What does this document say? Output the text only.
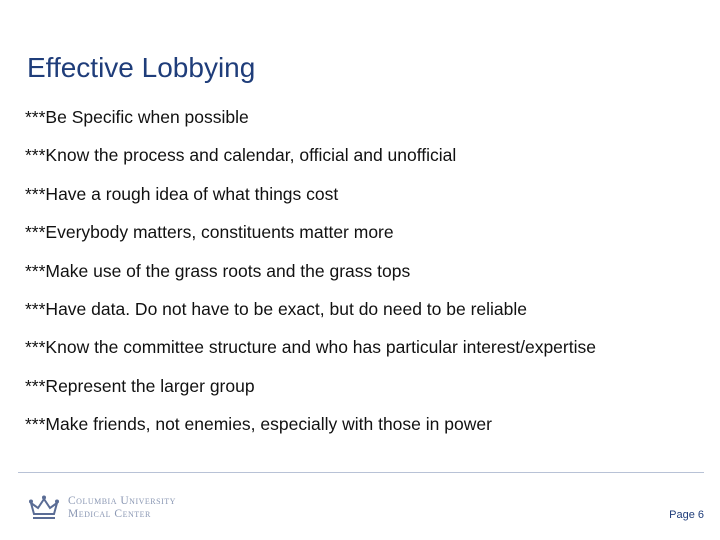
Effective Lobbying
***Be Specific when possible
***Know the process and calendar, official and unofficial
***Have a rough idea of what things cost
***Everybody matters, constituents matter more
***Make use of the grass roots and the grass tops
***Have data. Do not have to be exact, but do need to be reliable
***Know the committee structure and who has particular interest/expertise
***Represent the larger group
***Make friends, not enemies, especially with those in power
Columbia University
Medical Center	Page 6
